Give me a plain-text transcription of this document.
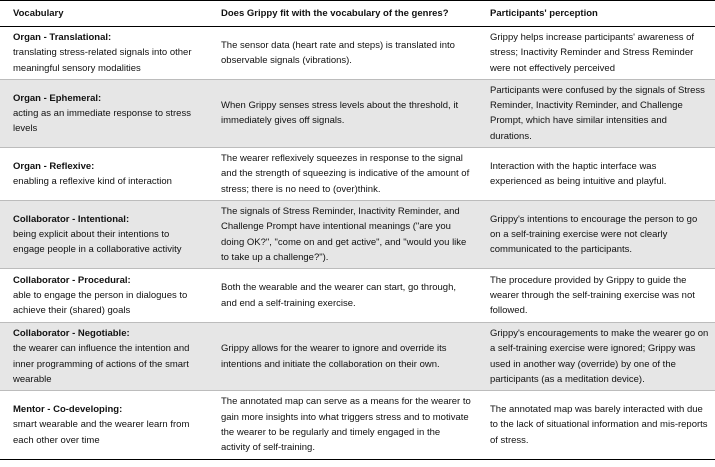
Vocabulary	Does Grippy fit with the vocabulary of the genres?	Participants' perception

Organ - Translational:
translating stress-related signals into other meaningful sensory modalities	The sensor data (heart rate and steps) is translated into observable signals (vibrations).	Grippy helps increase participants' awareness of stress; Inactivity Reminder and Stress Reminder were not effectively perceived

Organ - Ephemeral:
acting as an immediate response to stress levels	When Grippy senses stress levels about the threshold, it immediately gives off signals.	Participants were confused by the signals of Stress Reminder, Inactivity Reminder, and Challenge Prompt, which have similar intensities and durations.

Organ - Reflexive:
enabling a reflexive kind of interaction	The wearer reflexively squeezes in response to the signal and the strength of squeezing is indicative of the amount of stress; there is no need to (over)think.	Interaction with the haptic interface was experienced as being intuitive and playful.

Collaborator - Intentional:
being explicit about their intentions to engage people in a collaborative activity	The signals of Stress Reminder, Inactivity Reminder, and Challenge Prompt have intentional meanings ("are you doing OK?", "come on and get active", and "would you like to take up a challenge?").	Grippy's intentions to encourage the person to go on a self-training exercise were not clearly communicated to the participants.

Collaborator - Procedural:
able to engage the person in dialogues to achieve their (shared) goals	Both the wearable and the wearer can start, go through, and end a self-training exercise.	The procedure provided by Grippy to guide the wearer through the self-training exercise was not followed.

Collaborator - Negotiable:
the wearer can influence the intention and inner programming of actions of the smart wearable	Grippy allows for the wearer to ignore and override its intentions and initiate the collaboration on their own.	Grippy's encouragements to make the wearer go on a self-training exercise were ignored; Grippy was used in another way (override) by one of the participants (as a meditation device).

Mentor - Co-developing:
smart wearable and the wearer learn from each other over time	The annotated map can serve as a means for the wearer to gain more insights into what triggers stress and to motivate the wearer to be regularly and timely engaged in the activity of self-training.	The annotated map was barely interacted with due to the lack of situational information and mis-reports of stress.
